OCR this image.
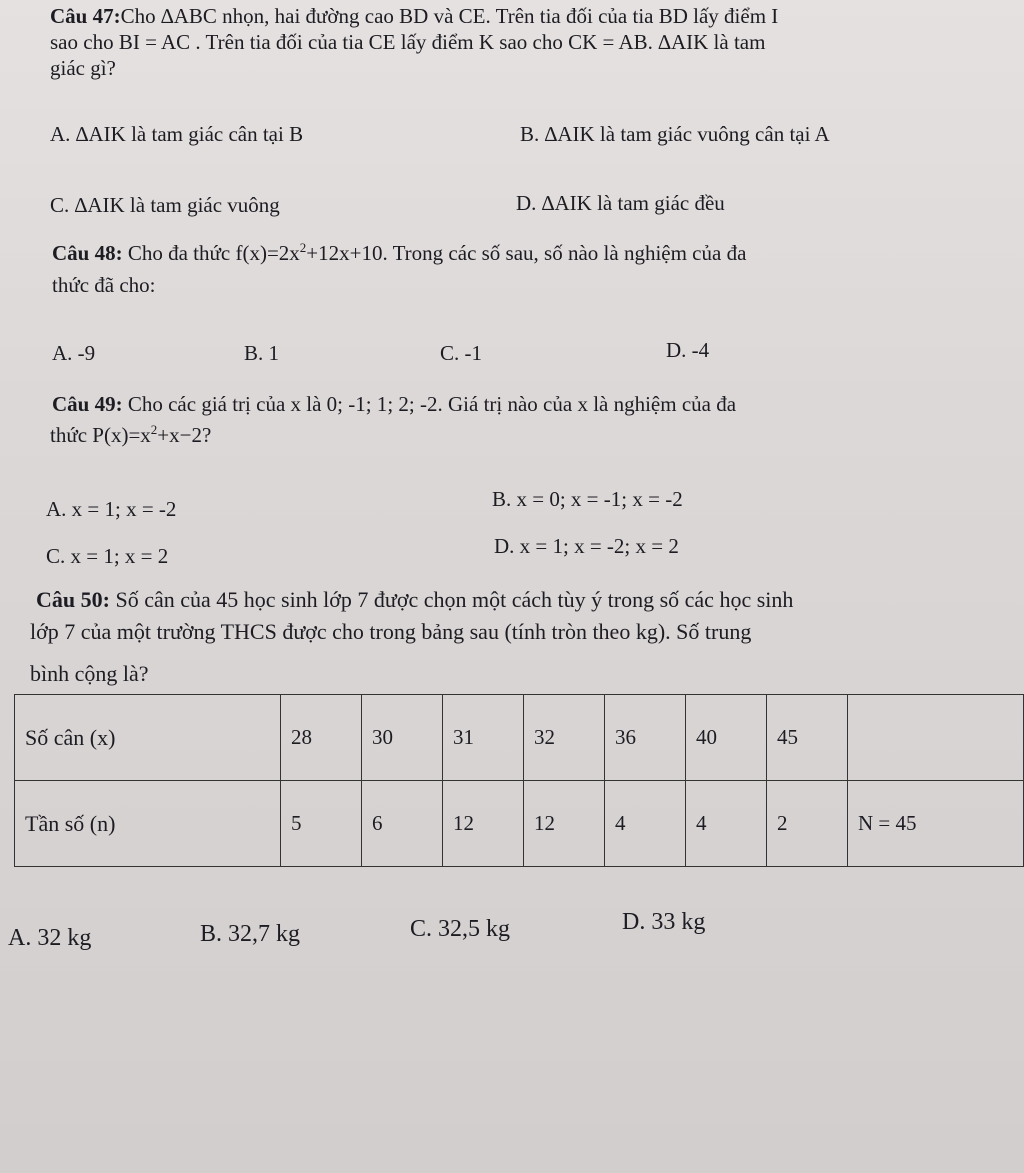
Câu 47:Cho ∆ABC nhọn, hai đường cao BD và CE. Trên tia đối của tia BD lấy điểm I
sao cho BI = AC . Trên tia đối của tia CE lấy điểm K sao cho CK = AB. ∆AIK là tam
giác gì?
A. ∆AIK là tam giác cân tại B	B. ∆AIK là tam giác vuông cân tại A
C. ∆AIK là tam giác vuông	D. ∆AIK là tam giác đều
Câu 48: Cho đa thức $f(x)=2x^2+12x+10$. Trong các số sau, số nào là nghiệm của đa
thức đã cho:
A. -9	B. 1	C. -1	D. -4
Câu 49: Cho các giá trị của x là 0; -1; 1; 2; -2. Giá trị nào của x là nghiệm của đa
thức $P(x)=x^2+x-2$?
A. x = 1; x = -2	B. x = 0; x = -1; x = -2
C. x = 1; x = 2	D. x = 1; x = -2; x = 2
Câu 50: Số cân của 45 học sinh lớp 7 được chọn một cách tùy ý trong số các học sinh
lớp 7 của một trường THCS được cho trong bảng sau (tính tròn theo kg). Số trung
bình cộng là?
Số cân (x)	28	30	31	32	36	40	45	
Tần số (n)	5	6	12	12	4	4	2	N = 45
A. 32 kg	B. 32,7 kg	C. 32,5 kg	D. 33 kg
